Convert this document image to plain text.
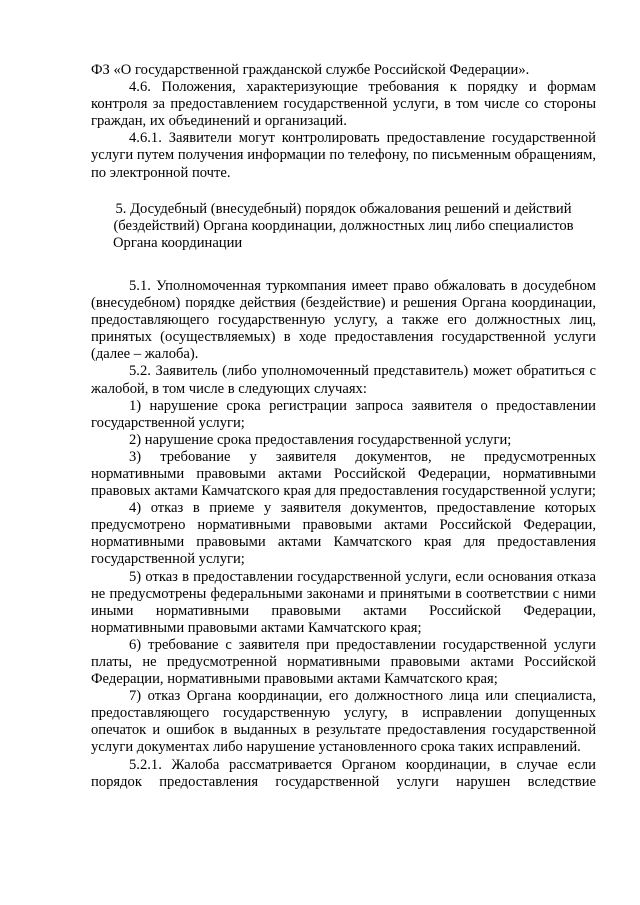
ФЗ «О государственной гражданской службе Российской Федерации».

4.6. Положения, характеризующие требования к порядку и формам контроля за предоставлением государственной услуги, в том числе со стороны граждан, их объединений и организаций.

4.6.1. Заявители могут контролировать предоставление государственной услуги путем получения информации по телефону, по письменным обращениям, по электронной почте.

5. Досудебный (внесудебный) порядок обжалования решений и действий (бездействий) Органа координации, должностных лиц либо специалистов Органа координации

5.1. Уполномоченная туркомпания имеет право обжаловать в досудебном (внесудебном) порядке действия (бездействие) и решения Органа координации, предоставляющего государственную услугу, а также его должностных лиц, принятых (осуществляемых) в ходе предоставления государственной услуги (далее – жалоба).

5.2. Заявитель (либо уполномоченный представитель) может обратиться с жалобой, в том числе в следующих случаях:

1) нарушение срока регистрации запроса заявителя о предоставлении государственной услуги;

2) нарушение срока предоставления государственной услуги;

3) требование у заявителя документов, не предусмотренных нормативными правовыми актами Российской Федерации, нормативными правовых актами Камчатского края для предоставления государственной услуги;

4) отказ в приеме у заявителя документов, предоставление которых предусмотрено нормативными правовыми актами Российской Федерации, нормативными правовыми актами Камчатского края для предоставления государственной услуги;

5) отказ в предоставлении государственной услуги, если основания отказа не предусмотрены федеральными законами и принятыми в соответствии с ними иными нормативными правовыми актами Российской Федерации, нормативными правовыми актами Камчатского края;

6) требование с заявителя при предоставлении государственной услуги платы, не предусмотренной нормативными правовыми актами Российской Федерации, нормативными правовыми актами Камчатского края;

7) отказ Органа координации, его должностного лица или специалиста, предоставляющего государственную услугу, в исправлении допущенных опечаток и ошибок в выданных в результате предоставления государственной услуги документах либо нарушение установленного срока таких исправлений.

5.2.1. Жалоба рассматривается Органом координации, в случае если порядок предоставления государственной услуги нарушен вследствие
